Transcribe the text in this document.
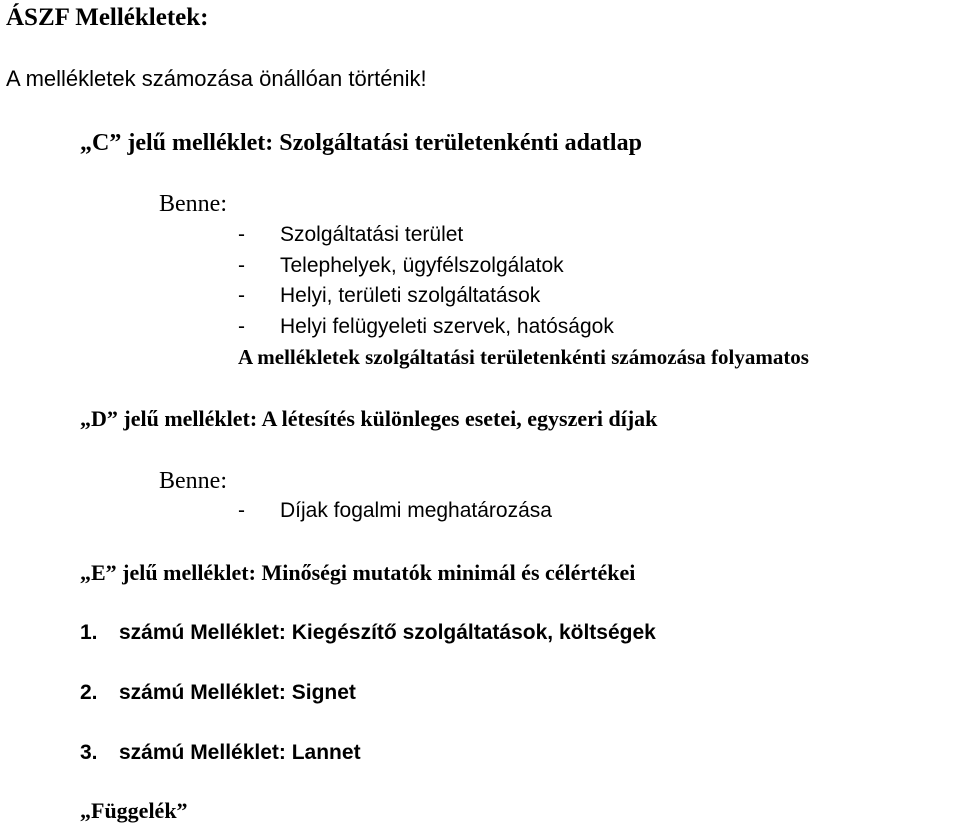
ÁSZF Mellékletek:
A mellékletek számozása önállóan történik!
„C” jelű melléklet: Szolgáltatási területenkénti adatlap
Benne:
- Szolgáltatási terület
- Telephelyek, ügyfélszolgálatok
- Helyi, területi szolgáltatások
- Helyi felügyeleti szervek, hatóságok
A mellékletek szolgáltatási területenkénti számozása folyamatos
„D” jelű melléklet: A létesítés különleges esetei, egyszeri díjak
Benne:
- Díjak fogalmi meghatározása
„E” jelű melléklet: Minőségi mutatók minimál és célértékei
1. számú Melléklet: Kiegészítő szolgáltatások, költségek
2. számú Melléklet: Signet
3. számú Melléklet: Lannet
„Függelék”
